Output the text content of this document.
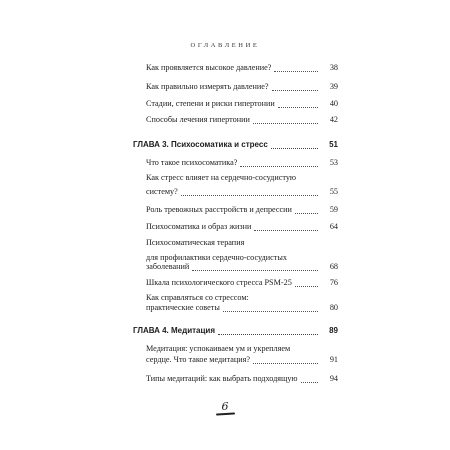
ОГЛАВЛЕНИЕ
Как проявляется высокое давление?	38
Как правильно измерять давление?	39
Стадии, степени и риски гипертонии	40
Способы лечения гипертонии	42
ГЛАВА 3. Психосоматика и стресс	51
Что такое психосоматика?	53
Как стресс влияет на сердечно-сосудистую
систему?	55
Роль тревожных расстройств и депрессии	59
Психосоматика и образ жизни	64
Психосоматическая терапия
для профилактики сердечно-сосудистых
заболеваний	68
Шкала психологического стресса PSM-25	76
Как справляться со стрессом:
практические советы	80
ГЛАВА 4. Медитация	89
Медитация: успокаиваем ум и укрепляем
сердце. Что такое медитация?	91
Типы медитаций: как выбрать подходящую	94
6
